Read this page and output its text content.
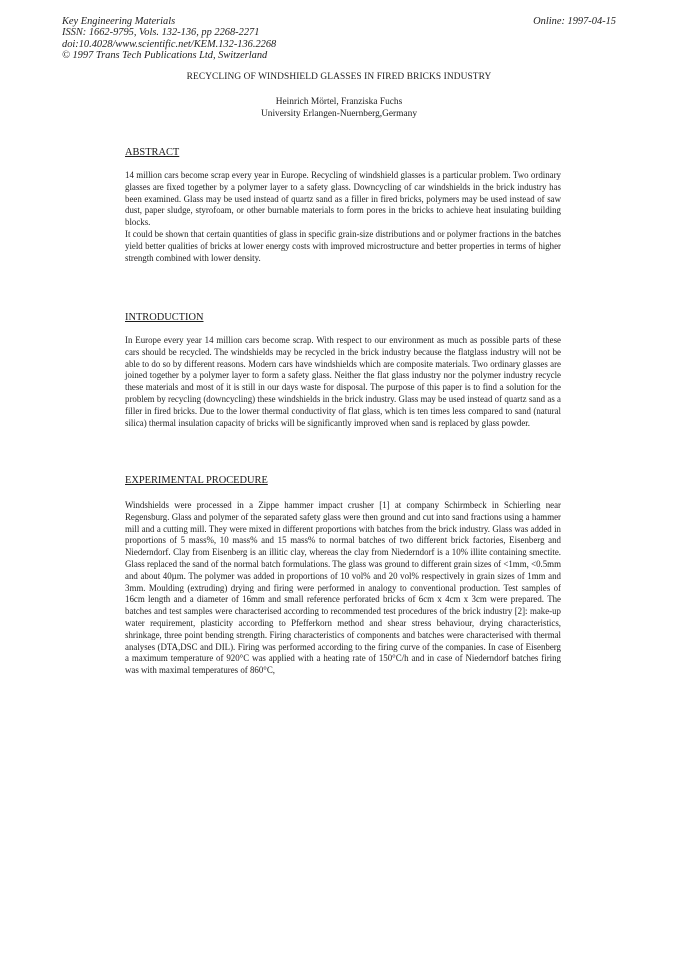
Key Engineering Materials
ISSN: 1662-9795, Vols. 132-136, pp 2268-2271
doi:10.4028/www.scientific.net/KEM.132-136.2268
© 1997 Trans Tech Publications Ltd, Switzerland
Online: 1997-04-15
RECYCLING OF WINDSHIELD GLASSES IN FIRED BRICKS INDUSTRY
Heinrich Mörtel, Franziska Fuchs
University Erlangen-Nuernberg,Germany
ABSTRACT

14 million cars become scrap every year in Europe. Recycling of windshield glasses is a particular problem. Two ordinary glasses are fixed together by a polymer layer to a safety glass. Downcycling of car windshields in the brick industry has been examined. Glass may be used instead of quartz sand as a filler in fired bricks, polymers may be used instead of saw dust, paper sludge, styrofoam, or other burnable materials to form pores in the bricks to achieve heat insulating building blocks.

It could be shown that certain quantities of glass in specific grain-size distributions and or polymer fractions in the batches yield better qualities of bricks at lower energy costs with improved microstructure and better properties in terms of higher strength combined with lower density.

INTRODUCTION

In Europe every year 14 million cars become scrap. With respect to our environment as much as possible parts of these cars should be recycled. The windshields may be recycled in the brick industry because the flatglass industry will not be able to do so by different reasons. Modern cars have windshields which are composite materials. Two ordinary glasses are joined together by a polymer layer to form a safety glass. Neither the flat glass industry nor the polymer industry recycle these materials and most of it is still in our days waste for disposal. The purpose of this paper is to find a solution for the problem by recycling (downcycling) these windshields in the brick industry. Glass may be used instead of quartz sand as a filler in fired bricks. Due to the lower thermal conductivity of flat glass, which is ten times less compared to sand (natural silica) thermal insulation capacity of bricks will be significantly improved when sand is replaced by glass powder.

EXPERIMENTAL PROCEDURE

Windshields were processed in a Zippe hammer impact crusher [1] at company Schirmbeck in Schierling near Regensburg. Glass and polymer of the separated safety glass were then ground and cut into sand fractions using a hammer mill and a cutting mill. They were mixed in different proportions with batches from the brick industry. Glass was added in proportions of 5 mass%, 10 mass% and 15 mass% to normal batches of two different brick factories, Eisenberg and Niederndorf. Clay from Eisenberg is an illitic clay, whereas the clay from Niederndorf is a 10% illite containing smectite. Glass replaced the sand of the normal batch formulations. The glass was ground to different grain sizes of <1mm, <0.5mm and about 40µm. The polymer was added in proportions of 10 vol% and 20 vol% respectively in grain sizes of 1mm and 3mm. Moulding (extruding) drying and firing were performed in analogy to conventional production. Test samples of 16cm length and a diameter of 16mm and small reference perforated bricks of 6cm x 4cm x 3cm were prepared. The batches and test samples were characterised according to recommended test procedures of the brick industry [2]: make-up water requirement, plasticity according to Pfefferkorn method and shear stress behaviour, drying characteristics, shrinkage, three point bending strength. Firing characteristics of components and batches were characterised with thermal analyses (DTA,DSC and DIL). Firing was performed according to the firing curve of the companies. In case of Eisenberg a maximum temperature of 920°C was applied with a heating rate of 150°C/h and in case of Niederndorf batches firing was with maximal temperatures of 860°C,
